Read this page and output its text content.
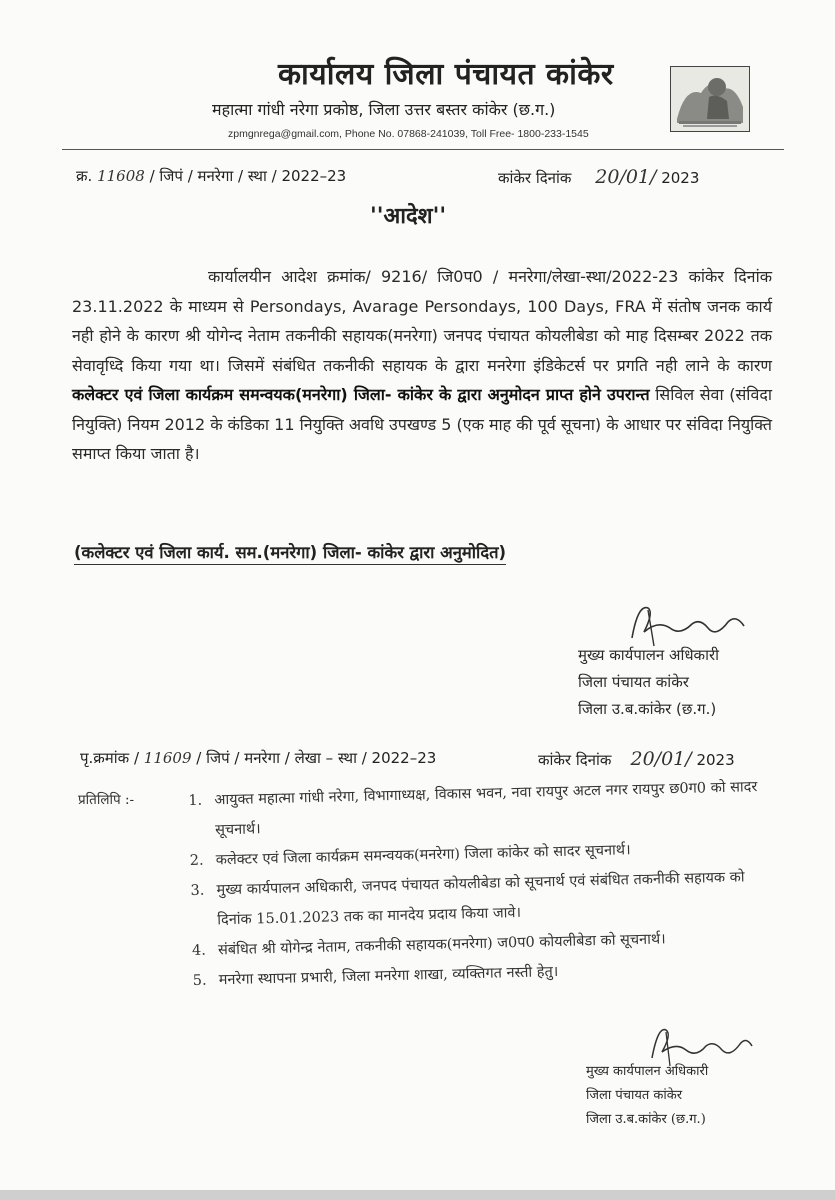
कार्यालय जिला पंचायत कांकेर
महात्मा गांधी नरेगा प्रकोष्ठ, जिला उत्तर बस्तर कांकेर (छ.ग.)
zpmgnrega@gmail.com, Phone No. 07868-241039, Toll Free- 1800-233-1545
क्र. 11608 / जिपं / मनरेगा / स्था / 2022–23	कांकेर दिनांक 20/01/ 2023
''आदेश''

कार्यालयीन आदेश क्रमांक/ 9216/ जि0प0 / मनरेगा/लेखा-स्था/2022-23 कांकेर दिनांक 23.11.2022 के माध्यम से Persondays, Avarage Persondays, 100 Days, FRA में संतोष जनक कार्य नही होने के कारण श्री योगेन्द नेताम तकनीकी सहायक(मनरेगा) जनपद पंचायत कोयलीबेडा को माह दिसम्बर 2022 तक सेवावृध्दि किया गया था। जिसमें संबंधित तकनीकी सहायक के द्वारा मनरेगा इंडिकेटर्स पर प्रगति नही लाने के कारण कलेक्टर एवं जिला कार्यक्रम समन्वयक(मनरेगा) जिला- कांकेर के द्वारा अनुमोदन प्राप्त होने उपरान्त सिविल सेवा (संविदा नियुक्ति) नियम 2012 के कंडिका 11 नियुक्ति अवधि उपखण्ड 5 (एक माह की पूर्व सूचना) के आधार पर संविदा नियुक्ति समाप्त किया जाता है।

(कलेक्टर एवं जिला कार्य. सम.(मनरेगा) जिला- कांकेर द्वारा अनुमोदित)
मुख्य कार्यपालन अधिकारी
जिला पंचायत कांकेर
जिला उ.ब.कांकेर (छ.ग.)
पृ.क्रमांक / 11609 / जिपं / मनरेगा / लेखा – स्था / 2022–23	कांकेर दिनांक 20/01/ 2023
प्रतिलिपि :-	1. आयुक्त महात्मा गांधी नरेगा, विभागाध्यक्ष, विकास भवन, नवा रायपुर अटल नगर रायपुर छ0ग0 को सादर सूचनार्थ।
2. कलेक्टर एवं जिला कार्यक्रम समन्वयक(मनरेगा) जिला कांकेर को सादर सूचनार्थ।
3. मुख्य कार्यपालन अधिकारी, जनपद पंचायत कोयलीबेडा को सूचनार्थ एवं संबंधित तकनीकी सहायक को दिनांक 15.01.2023 तक का मानदेय प्रदाय किया जावे।
4. संबंधित श्री योगेन्द्र नेताम, तकनीकी सहायक(मनरेगा) ज0प0 कोयलीबेडा को सूचनार्थ।
5. मनरेगा स्थापना प्रभारी, जिला मनरेगा शाखा, व्यक्तिगत नस्ती हेतु।
मुख्य कार्यपालन अधिकारी
जिला पंचायत कांकेर
जिला उ.ब.कांकेर (छ.ग.)
